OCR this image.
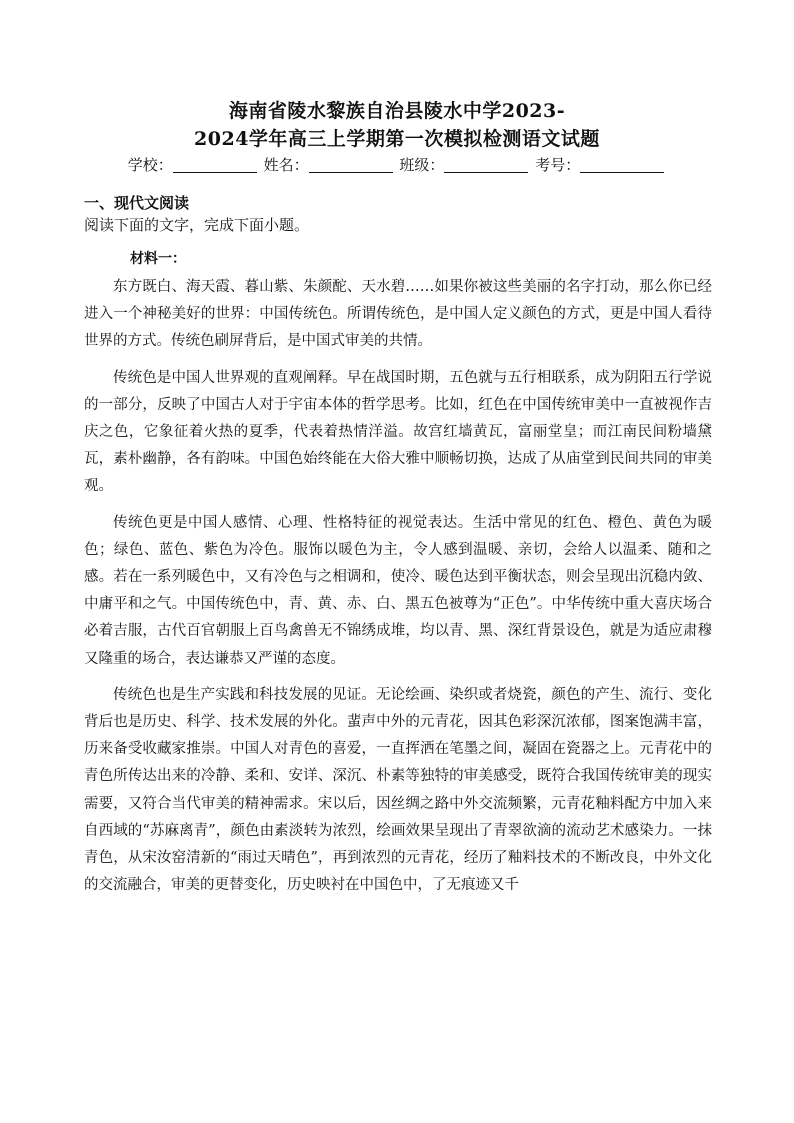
海南省陵水黎族自治县陵水中学2023-
2024学年高三上学期第一次模拟检测语文试题
学校：	姓名：	班级：	考号：
一、现代文阅读
阅读下面的文字，完成下面小题。
材料一：

东方既白、海天霞、暮山紫、朱颜酡、天水碧……如果你被这些美丽的名字打动，那么你已经进入一个神秘美好的世界：中国传统色。所谓传统色，是中国人定义颜色的方式，更是中国人看待世界的方式。传统色刷屏背后，是中国式审美的共情。

传统色是中国人世界观的直观阐释。早在战国时期，五色就与五行相联系，成为阴阳五行学说的一部分，反映了中国古人对于宇宙本体的哲学思考。比如，红色在中国传统审美中一直被视作吉庆之色，它象征着火热的夏季，代表着热情洋溢。故宫红墙黄瓦，富丽堂皇；而江南民间粉墙黛瓦，素朴幽静，各有韵味。中国色始终能在大俗大雅中顺畅切换，达成了从庙堂到民间共同的审美观。

传统色更是中国人感情、心理、性格特征的视觉表达。生活中常见的红色、橙色、黄色为暖色；绿色、蓝色、紫色为冷色。服饰以暖色为主，令人感到温暖、亲切，会给人以温柔、随和之感。若在一系列暖色中，又有冷色与之相调和，使冷、暖色达到平衡状态，则会呈现出沉稳内敛、中庸平和之气。中国传统色中，青、黄、赤、白、黑五色被尊为“正色”。中华传统中重大喜庆场合必着吉服，古代百官朝服上百鸟禽兽无不锦绣成堆，均以青、黑、深红背景设色，就是为适应肃穆又隆重的场合，表达谦恭又严谨的态度。

传统色也是生产实践和科技发展的见证。无论绘画、染织或者烧瓷，颜色的产生、流行、变化背后也是历史、科学、技术发展的外化。蜚声中外的元青花，因其色彩深沉浓郁，图案饱满丰富，历来备受收藏家推崇。中国人对青色的喜爱，一直挥洒在笔墨之间，凝固在瓷器之上。元青花中的青色所传达出来的冷静、柔和、安详、深沉、朴素等独特的审美感受，既符合我国传统审美的现实需要，又符合当代审美的精神需求。宋以后，因丝绸之路中外交流频繁，元青花釉料配方中加入来自西域的“苏麻离青”，颜色由素淡转为浓烈，绘画效果呈现出了青翠欲滴的流动艺术感染力。一抹青色，从宋汝窑清新的“雨过天晴色”，再到浓烈的元青花，经历了釉料技术的不断改良，中外文化的交流融合，审美的更替变化，历史映衬在中国色中，了无痕迹又千
